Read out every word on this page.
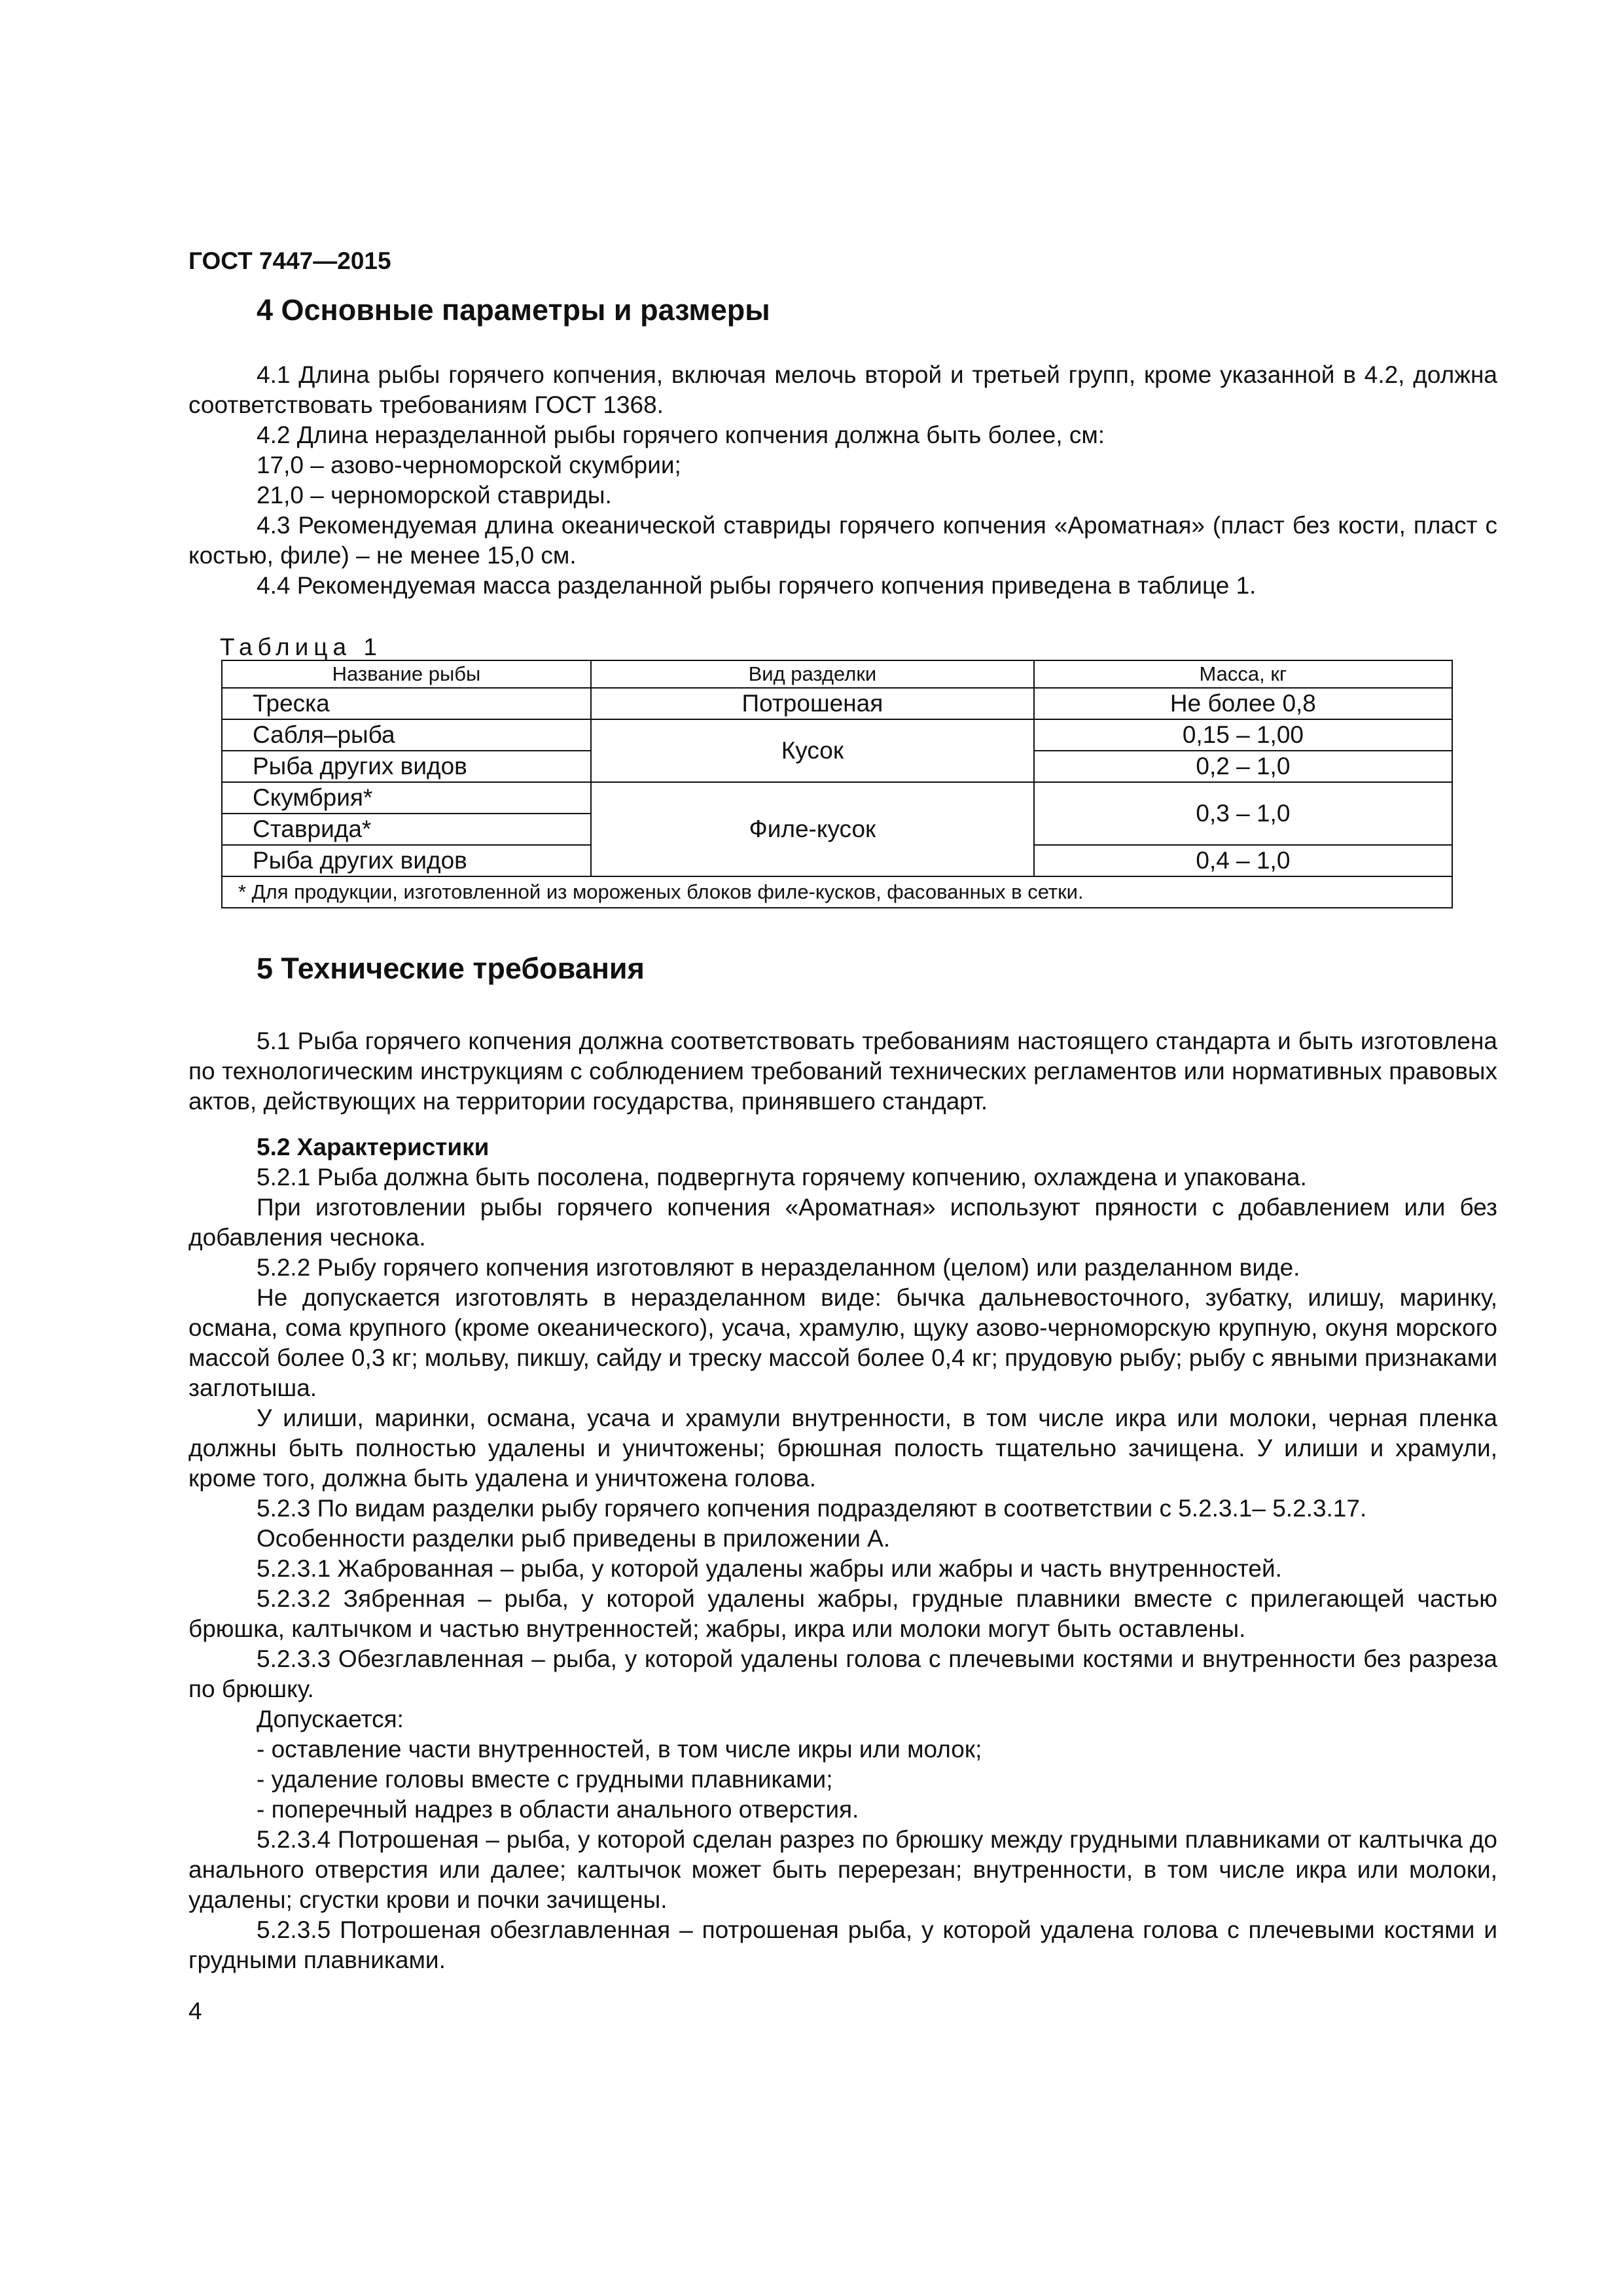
ГОСТ 7447—2015
4 Основные параметры и размеры

4.1 Длина рыбы горячего копчения, включая мелочь второй и третьей групп, кроме указанной в 4.2, должна соответствовать требованиям ГОСТ 1368.

4.2 Длина неразделанной рыбы горячего копчения должна быть более, см:

17,0 – азово-черноморской скумбрии;

21,0 – черноморской ставриды.

4.3 Рекомендуемая длина океанической ставриды горячего копчения «Ароматная» (пласт без кости, пласт с костью, филе) – не менее 15,0 см.

4.4 Рекомендуемая масса разделанной рыбы горячего копчения приведена в таблице 1.

Таблица 1
Название рыбы	Вид разделки	Масса, кг
Треска	Потрошеная	Не более 0,8
Сабля–рыба	Кусок	0,15 – 1,00
Рыба других видов		0,2 – 1,0
Скумбрия*	Филе-кусок	0,3 – 1,0
Ставрида*		
Рыба других видов		0,4 – 1,0
* Для продукции, изготовленной из мороженых блоков филе-кусков, фасованных в сетки.		
5 Технические требования

5.1 Рыба горячего копчения должна соответствовать требованиям настоящего стандарта и быть изготовлена по технологическим инструкциям с соблюдением требований технических регламентов или нормативных правовых актов, действующих на территории государства, принявшего стандарт.

5.2 Характеристики

5.2.1 Рыба должна быть посолена, подвергнута горячему копчению, охлаждена и упакована.

При изготовлении рыбы горячего копчения «Ароматная» используют пряности с добавлением или без добавления чеснока.

5.2.2 Рыбу горячего копчения изготовляют в неразделанном (целом) или разделанном виде.

Не допускается изготовлять в неразделанном виде: бычка дальневосточного, зубатку, илишу, маринку, османа, сома крупного (кроме океанического), усача, храмулю, щуку азово-черноморскую крупную, окуня морского массой более 0,3 кг; мольву, пикшу, сайду и треску массой более 0,4 кг; прудовую рыбу; рыбу с явными признаками заглотыша.

У илиши, маринки, османа, усача и храмули внутренности, в том числе икра или молоки, черная пленка должны быть полностью удалены и уничтожены; брюшная полость тщательно зачищена. У илиши и храмули, кроме того, должна быть удалена и уничтожена голова.

5.2.3 По видам разделки рыбу горячего копчения подразделяют в соответствии с 5.2.3.1– 5.2.3.17.

Особенности разделки рыб приведены в приложении А.

5.2.3.1 Жаброванная – рыба, у которой удалены жабры или жабры и часть внутренностей.

5.2.3.2 Зябренная – рыба, у которой удалены жабры, грудные плавники вместе с прилегающей частью брюшка, калтычком и частью внутренностей; жабры, икра или молоки могут быть оставлены.

5.2.3.3 Обезглавленная – рыба, у которой удалены голова с плечевыми костями и внутренности без разреза по брюшку.

Допускается:

- оставление части внутренностей, в том числе икры или молок;

- удаление головы вместе с грудными плавниками;

- поперечный надрез в области анального отверстия.

5.2.3.4 Потрошеная – рыба, у которой сделан разрез по брюшку между грудными плавниками от калтычка до анального отверстия или далее; калтычок может быть перерезан; внутренности, в том числе икра или молоки, удалены; сгустки крови и почки зачищены.

5.2.3.5 Потрошеная обезглавленная – потрошеная рыба, у которой удалена голова с плечевыми костями и грудными плавниками.

4
